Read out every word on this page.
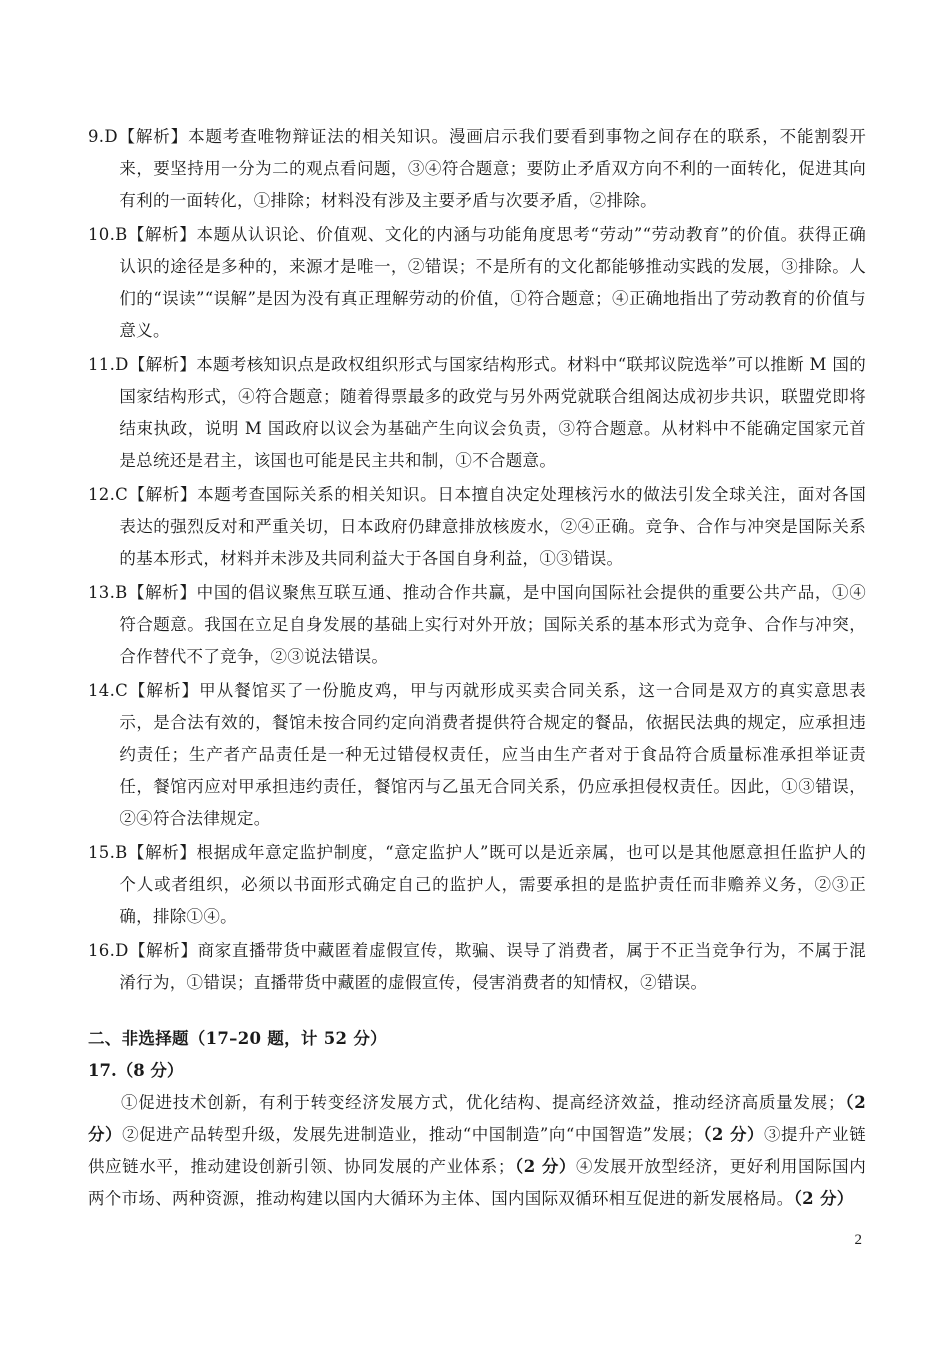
9.D【解析】本题考查唯物辩证法的相关知识。漫画启示我们要看到事物之间存在的联系，不能割裂开来，要坚持用一分为二的观点看问题，③④符合题意；要防止矛盾双方向不利的一面转化，促进其向有利的一面转化，①排除；材料没有涉及主要矛盾与次要矛盾，②排除。

10.B【解析】本题从认识论、价值观、文化的内涵与功能角度思考“劳动”“劳动教育”的价值。获得正确认识的途径是多种的，来源才是唯一，②错误；不是所有的文化都能够推动实践的发展，③排除。人们的“误读”“误解”是因为没有真正理解劳动的价值，①符合题意；④正确地指出了劳动教育的价值与意义。

11.D【解析】本题考核知识点是政权组织形式与国家结构形式。材料中“联邦议院选举”可以推断 M 国的国家结构形式，④符合题意；随着得票最多的政党与另外两党就联合组阁达成初步共识，联盟党即将结束执政，说明 M 国政府以议会为基础产生向议会负责，③符合题意。从材料中不能确定国家元首是总统还是君主，该国也可能是民主共和制，①不合题意。

12.C【解析】本题考查国际关系的相关知识。日本擅自决定处理核污水的做法引发全球关注，面对各国表达的强烈反对和严重关切，日本政府仍肆意排放核废水，②④正确。竞争、合作与冲突是国际关系的基本形式，材料并未涉及共同利益大于各国自身利益，①③错误。

13.B【解析】中国的倡议聚焦互联互通、推动合作共赢，是中国向国际社会提供的重要公共产品，①④符合题意。我国在立足自身发展的基础上实行对外开放；国际关系的基本形式为竞争、合作与冲突，合作替代不了竞争，②③说法错误。

14.C【解析】甲从餐馆买了一份脆皮鸡，甲与丙就形成买卖合同关系，这一合同是双方的真实意思表示，是合法有效的，餐馆未按合同约定向消费者提供符合规定的餐品，依据民法典的规定，应承担违约责任；生产者产品责任是一种无过错侵权责任，应当由生产者对于食品符合质量标准承担举证责任，餐馆丙应对甲承担违约责任，餐馆丙与乙虽无合同关系，仍应承担侵权责任。因此，①③错误，②④符合法律规定。

15.B【解析】根据成年意定监护制度，“意定监护人”既可以是近亲属，也可以是其他愿意担任监护人的个人或者组织，必须以书面形式确定自己的监护人，需要承担的是监护责任而非赡养义务，②③正确，排除①④。

16.D【解析】商家直播带货中藏匿着虚假宣传，欺骗、误导了消费者，属于不正当竞争行为，不属于混淆行为，①错误；直播带货中藏匿的虚假宣传，侵害消费者的知情权，②错误。

二、非选择题（17–20 题，计 52 分）

17.（8 分）

①促进技术创新，有利于转变经济发展方式，优化结构、提高经济效益，推动经济高质量发展；（2 分）②促进产品转型升级，发展先进制造业，推动“中国制造”向“中国智造”发展；（2 分）③提升产业链供应链水平，推动建设创新引领、协同发展的产业体系；（2 分）④发展开放型经济，更好利用国际国内两个市场、两种资源，推动构建以国内大循环为主体、国内国际双循环相互促进的新发展格局。（2 分）

2
